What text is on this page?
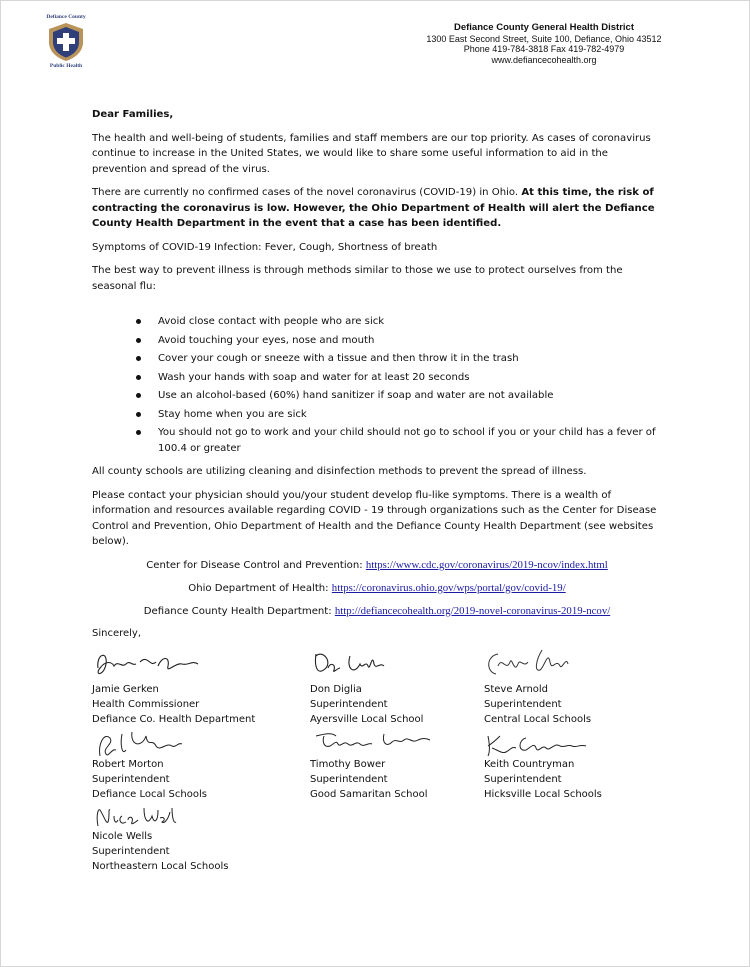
Defiance County
Public Health
Defiance County General Health District
1300 East Second Street, Suite 100, Defiance, Ohio 43512
Phone 419-784-3818 Fax 419-782-4979
www.defiancecohealth.org

Dear Families,

The health and well-being of students, families and staff members are our top priority. As cases of coronavirus continue to increase in the United States, we would like to share some useful information to aid in the prevention and spread of the virus.

There are currently no confirmed cases of the novel coronavirus (COVID-19) in Ohio. At this time, the risk of contracting the coronavirus is low. However, the Ohio Department of Health will alert the Defiance County Health Department in the event that a case has been identified.

Symptoms of COVID-19 Infection: Fever, Cough, Shortness of breath

The best way to prevent illness is through methods similar to those we use to protect ourselves from the seasonal flu:

Avoid close contact with people who are sick
Avoid touching your eyes, nose and mouth
Cover your cough or sneeze with a tissue and then throw it in the trash
Wash your hands with soap and water for at least 20 seconds
Use an alcohol-based (60%) hand sanitizer if soap and water are not available
Stay home when you are sick
You should not go to work and your child should not go to school if you or your child has a fever of 100.4 or greater

All county schools are utilizing cleaning and disinfection methods to prevent the spread of illness.

Please contact your physician should you/your student develop flu-like symptoms. There is a wealth of information and resources available regarding COVID - 19 through organizations such as the Center for Disease Control and Prevention, Ohio Department of Health and the Defiance County Health Department (see websites below).

Center for Disease Control and Prevention: https://www.cdc.gov/coronavirus/2019-ncov/index.html

Ohio Department of Health: https://coronavirus.ohio.gov/wps/portal/gov/covid-19/

Defiance County Health Department: http://defiancecohealth.org/2019-novel-coronavirus-2019-ncov/

Sincerely,
Jamie Gerken
Health Commissioner
Defiance Co. Health Department
Don Diglia
Superintendent
Ayersville Local School
Steve Arnold
Superintendent
Central Local Schools
Robert Morton
Superintendent
Defiance Local Schools
Timothy Bower
Superintendent
Good Samaritan School
Keith Countryman
Superintendent
Hicksville Local Schools
Nicole Wells
Superintendent
Northeastern Local Schools
